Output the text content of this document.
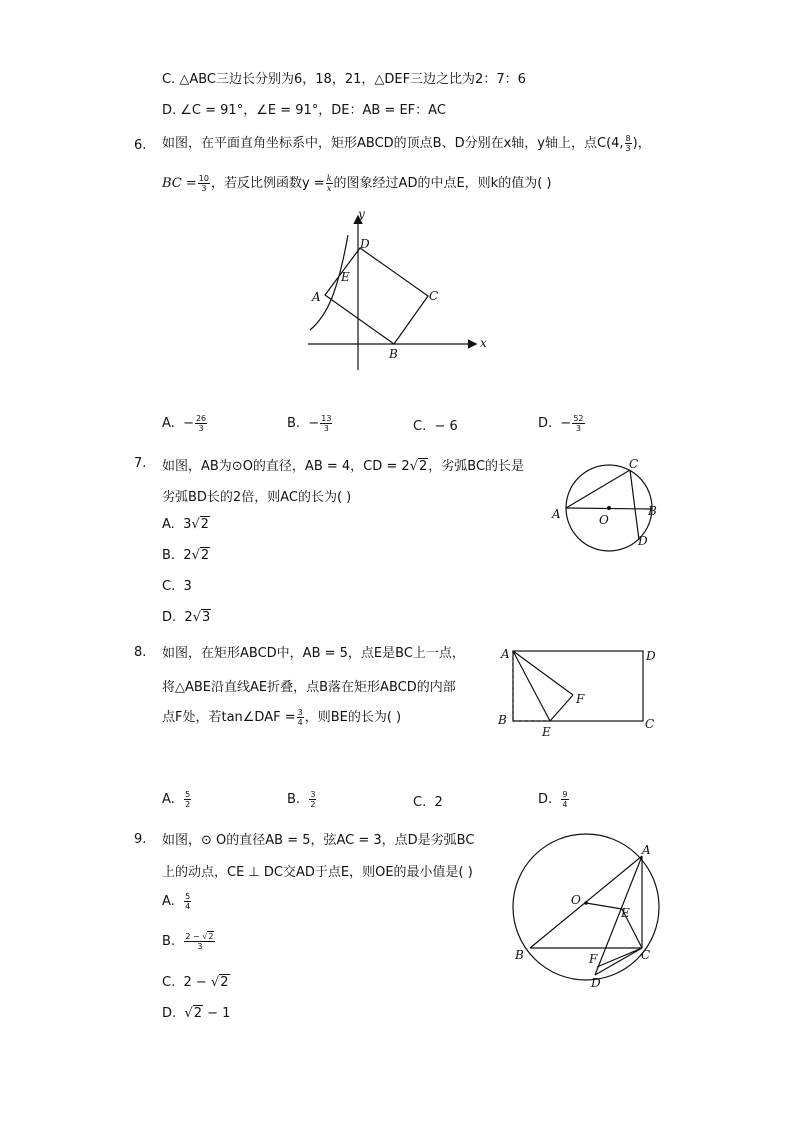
C. △ABC三边长分别为6，18，21，△DEF三边之比为2：7：6
D. ∠C = 91°，∠E = 91°，DE：AB = EF：AC
6. 如图，在平面直角坐标系中，矩形ABCD的顶点B、D分别在x轴，y轴上，点C(4, $\frac{8}{3}$ )，
BC = $\frac{10}{3}$ ，若反比例函数$y = \frac{k}{x}$ 的图象经过AD的中点E，则k的值为( )
y
x
D
E
A	C
B
A. − $\frac{26}{3}$	B. − $\frac{13}{3}$	C. − 6	D. − $\frac{52}{3}$
7. 如图，AB为⊙O的直径，AB = 4，CD = 2√2，劣弧BC的长是
劣弧BD长的2倍，则AC的长为( )
A. 3√2
B. 2√2
C. 3
D. 2√3
C
A	O
B
D
8. 如图，在矩形ABCD中，AB = 5，点E是BC上一点，
将△ABE沿直线AE折叠，点B落在矩形ABCD的内部
点F处，若tan∠DAF = $\frac{3}{4}$ ，则BE的长为( )
A	D
F
B
E
C
A. $\frac{5}{2}$	B. $\frac{3}{2}$	C. 2	D. $\frac{9}{4}$
9. 如图，⊙ O的直径AB = 5，弦AC = 3，点D是劣弧BC
上的动点，CE ⊥ DC交AD于点E，则OE的最小值是( )
A. $\frac{5}{4}$
B. $\frac{2 - √2}{3}$
C. 2 − √2
D. √2 − 1
A
O
E
B	F	C
D
